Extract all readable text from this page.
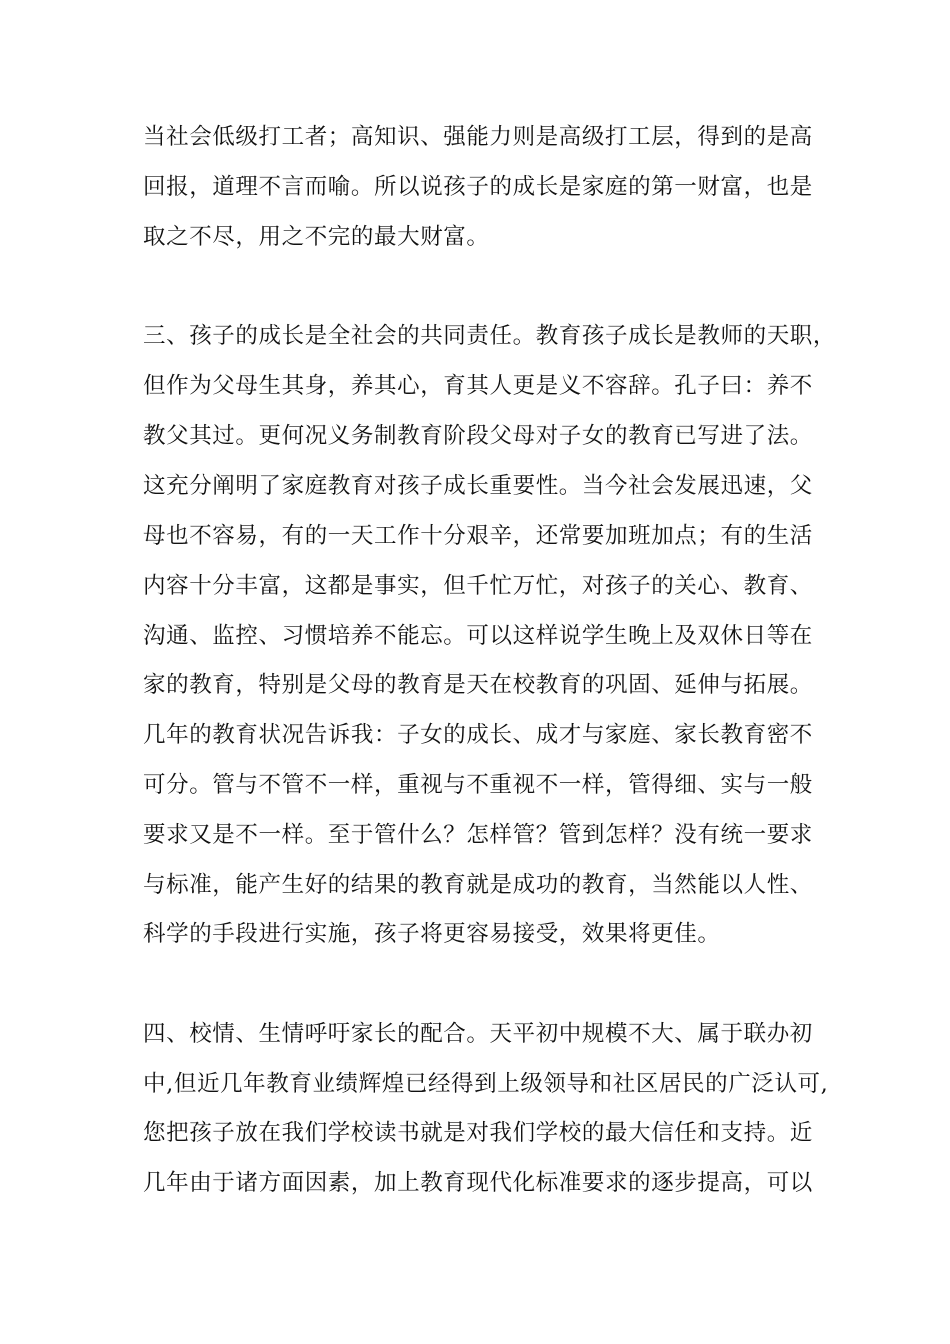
当社会低级打工者；高知识、强能力则是高级打工层，得到的是高
回报，道理不言而喻。所以说孩子的成长是家庭的第一财富，也是
取之不尽，用之不完的最大财富。
三、孩子的成长是全社会的共同责任。教育孩子成长是教师的天职，
但作为父母生其身，养其心，育其人更是义不容辞。孔子曰：养不
教父其过。更何况义务制教育阶段父母对子女的教育已写进了法。
这充分阐明了家庭教育对孩子成长重要性。当今社会发展迅速，父
母也不容易，有的一天工作十分艰辛，还常要加班加点；有的生活
内容十分丰富，这都是事实，但千忙万忙，对孩子的关心、教育、
沟通、监控、习惯培养不能忘。可以这样说学生晚上及双休日等在
家的教育，特别是父母的教育是天在校教育的巩固、延伸与拓展。
几年的教育状况告诉我：子女的成长、成才与家庭、家长教育密不
可分。管与不管不一样，重视与不重视不一样，管得细、实与一般
要求又是不一样。至于管什么？怎样管？管到怎样？没有统一要求
与标准，能产生好的结果的教育就是成功的教育，当然能以人性、
科学的手段进行实施，孩子将更容易接受，效果将更佳。
四、校情、生情呼吁家长的配合。天平初中规模不大、属于联办初
中,但近几年教育业绩辉煌已经得到上级领导和社区居民的广泛认可,
您把孩子放在我们学校读书就是对我们学校的最大信任和支持。近
几年由于诸方面因素，加上教育现代化标准要求的逐步提高，可以
